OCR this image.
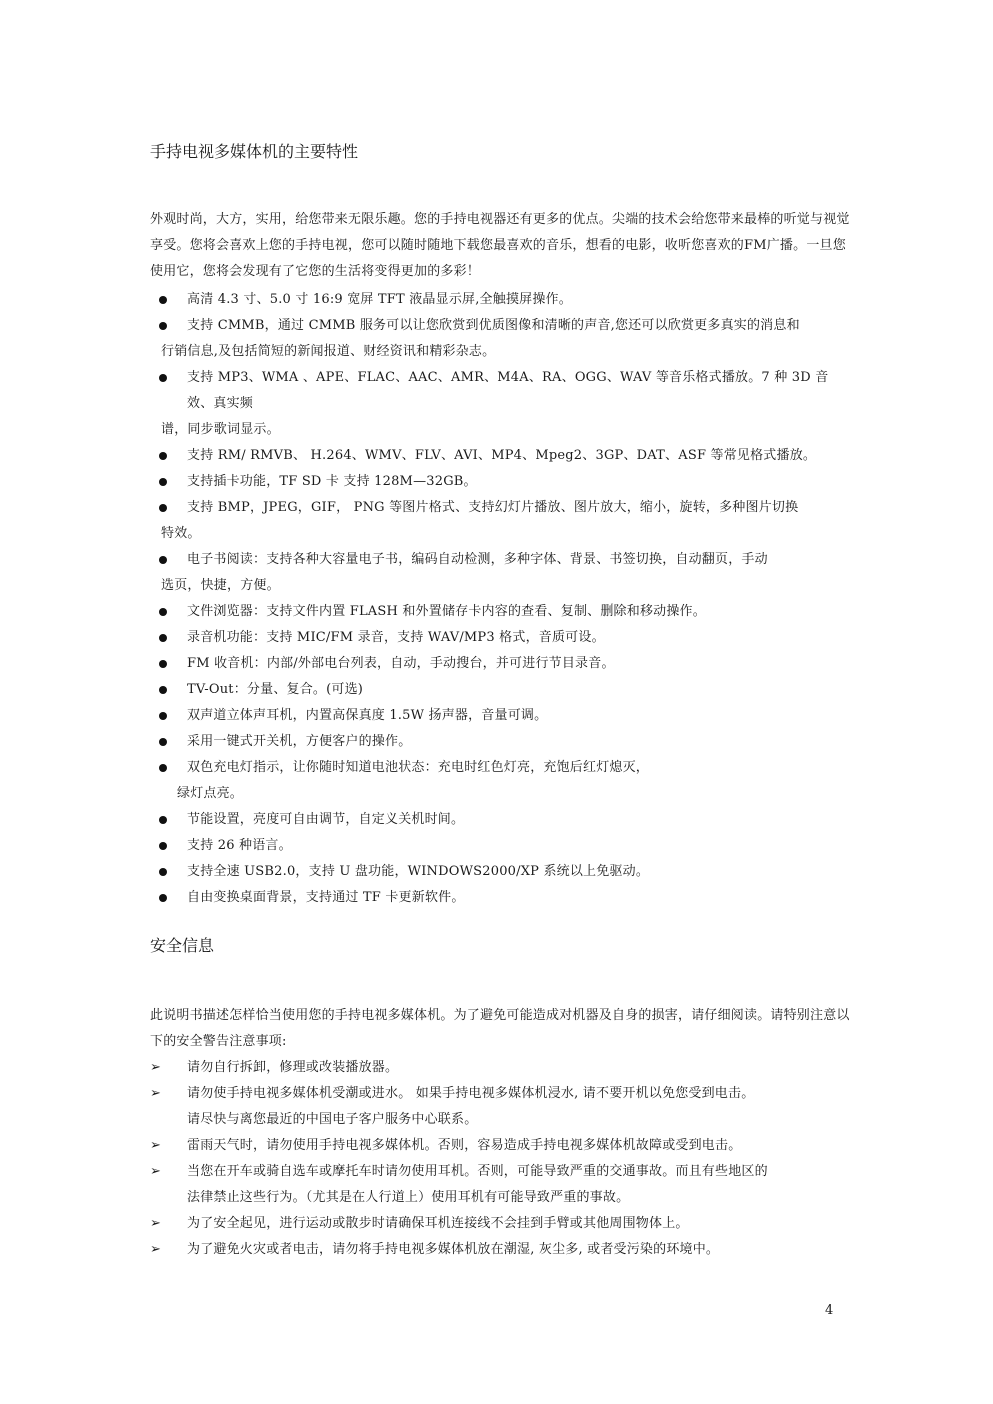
手持电视多媒体机的主要特性

外观时尚，大方，实用，给您带来无限乐趣。您的手持电视器还有更多的优点。尖端的技术会给您带来最棒的听觉与视觉享受。您将会喜欢上您的手持电视，您可以随时随地下载您最喜欢的音乐，想看的电影，收听您喜欢的FM广播。一旦您使用它，您将会发现有了它您的生活将变得更加的多彩！

高清 4.3 寸、5.0 寸 16:9 宽屏 TFT 液晶显示屏,全触摸屏操作。
支持 CMMB，通过 CMMB 服务可以让您欣赏到优质图像和清晰的声音,您还可以欣赏更多真实的消息和
行销信息,及包括简短的新闻报道、财经资讯和精彩杂志。
支持 MP3、WMA 、APE、FLAC、AAC、AMR、M4A、RA、OGG、WAV 等音乐格式播放。7 种 3D 音效、真实频
谱，同步歌词显示。
支持 RM/ RMVB、 H.264、WMV、FLV、AVI、MP4、Mpeg2、3GP、DAT、ASF 等常见格式播放。
支持插卡功能，TF SD 卡 支持 128M—32GB。
支持 BMP，JPEG，GIF， PNG 等图片格式、支持幻灯片播放、图片放大，缩小，旋转，多种图片切换
特效。
电子书阅读：支持各种大容量电子书，编码自动检测，多种字体、背景、书签切换，自动翻页，手动
选页，快捷，方便。
文件浏览器：支持文件内置 FLASH 和外置储存卡内容的查看、复制、删除和移动操作。
录音机功能：支持 MIC/FM 录音，支持 WAV/MP3 格式，音质可设。
FM 收音机：内部/外部电台列表，自动，手动搜台，并可进行节目录音。
TV-Out：分量、复合。(可选)
双声道立体声耳机，内置高保真度 1.5W 扬声器，音量可调。
采用一键式开关机，方便客户的操作。
双色充电灯指示，让你随时知道电池状态：充电时红色灯亮，充饱后红灯熄灭，
绿灯点亮。
节能设置，亮度可自由调节，自定义关机时间。
支持 26 种语言。
支持全速 USB2.0，支持 U 盘功能，WINDOWS2000/XP 系统以上免驱动。
自由变换桌面背景，支持通过 TF 卡更新软件。
安全信息

此说明书描述怎样恰当使用您的手持电视多媒体机。为了避免可能造成对机器及自身的损害，请仔细阅读。请特别注意以下的安全警告注意事项:

➢ 请勿自行拆卸，修理或改装播放器。
➢ 请勿使手持电视多媒体机受潮或进水。 如果手持电视多媒体机浸水, 请不要开机以免您受到电击。
请尽快与离您最近的中国电子客户服务中心联系。
➢ 雷雨天气时，请勿使用手持电视多媒体机。否则，容易造成手持电视多媒体机故障或受到电击。
➢ 当您在开车或骑自选车或摩托车时请勿使用耳机。否则，可能导致严重的交通事故。而且有些地区的
法律禁止这些行为。（尤其是在人行道上）使用耳机有可能导致严重的事故。
➢ 为了安全起见，进行运动或散步时请确保耳机连接线不会挂到手臂或其他周围物体上。
➢ 为了避免火灾或者电击，请勿将手持电视多媒体机放在潮湿, 灰尘多, 或者受污染的环境中。
4
